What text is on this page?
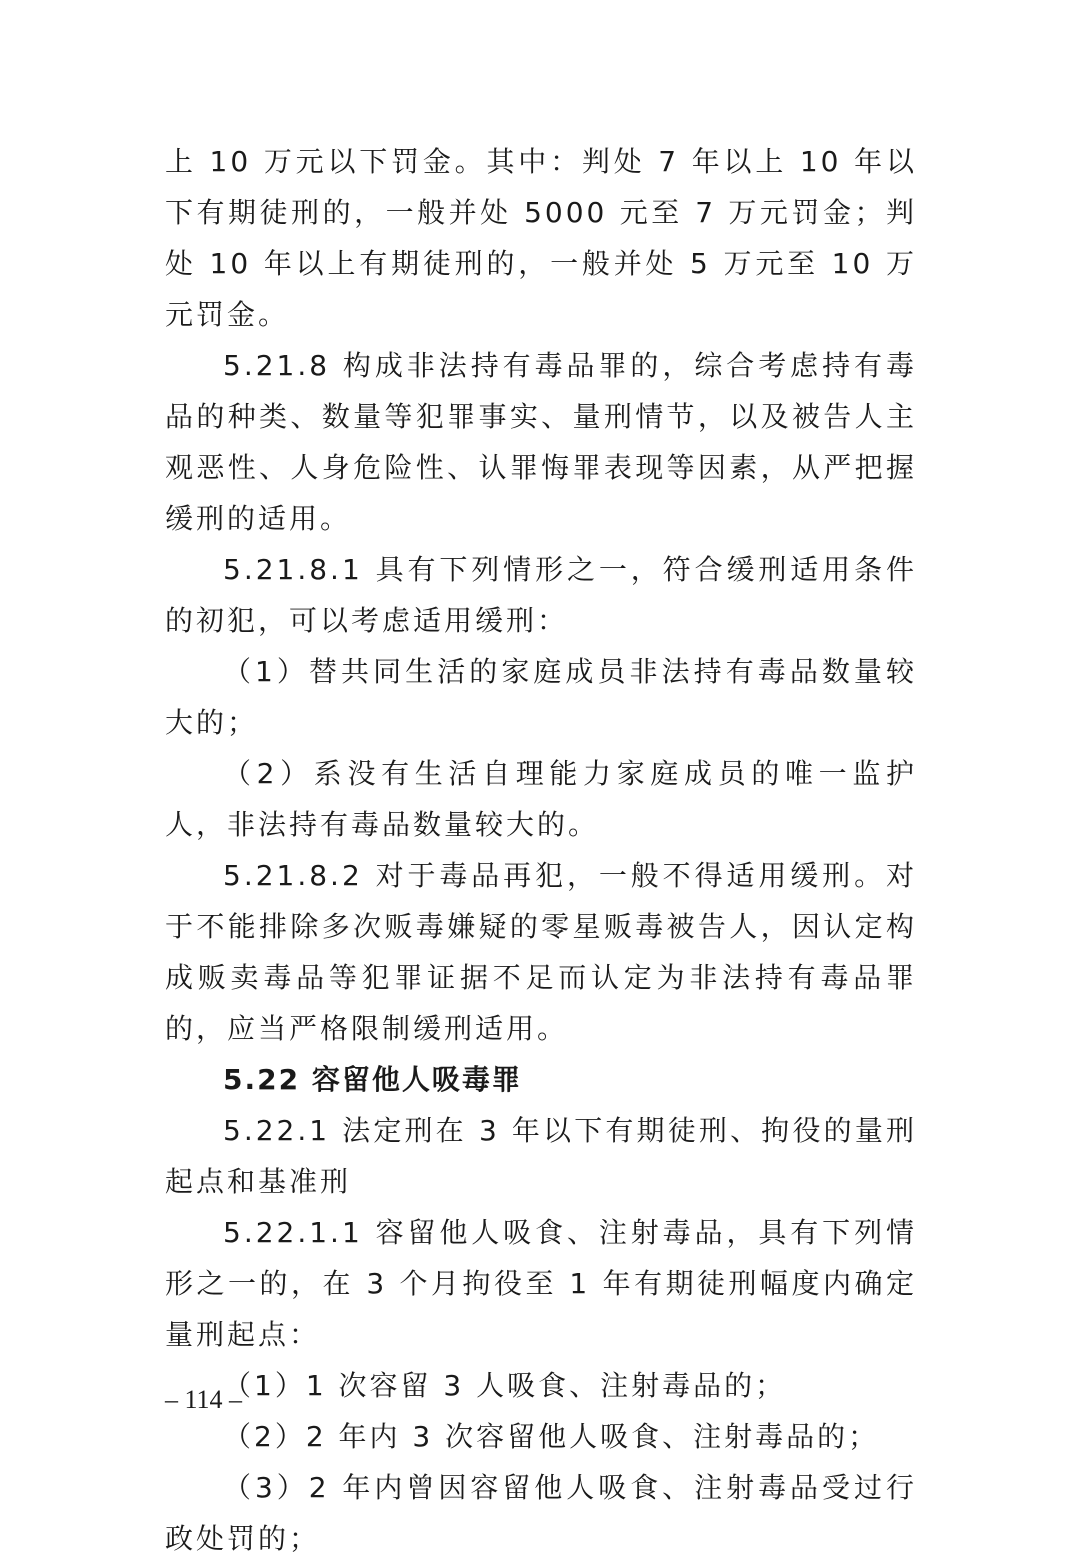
上 10 万元以下罚金。其中：判处 7 年以上 10 年以下有期徒刑的，一般并处 5000 元至 7 万元罚金；判处 10 年以上有期徒刑的，一般并处 5 万元至 10 万元罚金。

5.21.8 构成非法持有毒品罪的，综合考虑持有毒品的种类、数量等犯罪事实、量刑情节，以及被告人主观恶性、人身危险性、认罪悔罪表现等因素，从严把握缓刑的适用。

5.21.8.1 具有下列情形之一，符合缓刑适用条件的初犯，可以考虑适用缓刑：

（1）替共同生活的家庭成员非法持有毒品数量较大的；

（2）系没有生活自理能力家庭成员的唯一监护人，非法持有毒品数量较大的。

5.21.8.2 对于毒品再犯，一般不得适用缓刑。对于不能排除多次贩毒嫌疑的零星贩毒被告人，因认定构成贩卖毒品等犯罪证据不足而认定为非法持有毒品罪的，应当严格限制缓刑适用。

5.22 容留他人吸毒罪

5.22.1 法定刑在 3 年以下有期徒刑、拘役的量刑起点和基准刑

5.22.1.1 容留他人吸食、注射毒品，具有下列情形之一的，在 3 个月拘役至 1 年有期徒刑幅度内确定量刑起点：

（1）1 次容留 3 人吸食、注射毒品的；

（2）2 年内 3 次容留他人吸食、注射毒品的；

（3）2 年内曾因容留他人吸食、注射毒品受过行政处罚的；

– 114 –
